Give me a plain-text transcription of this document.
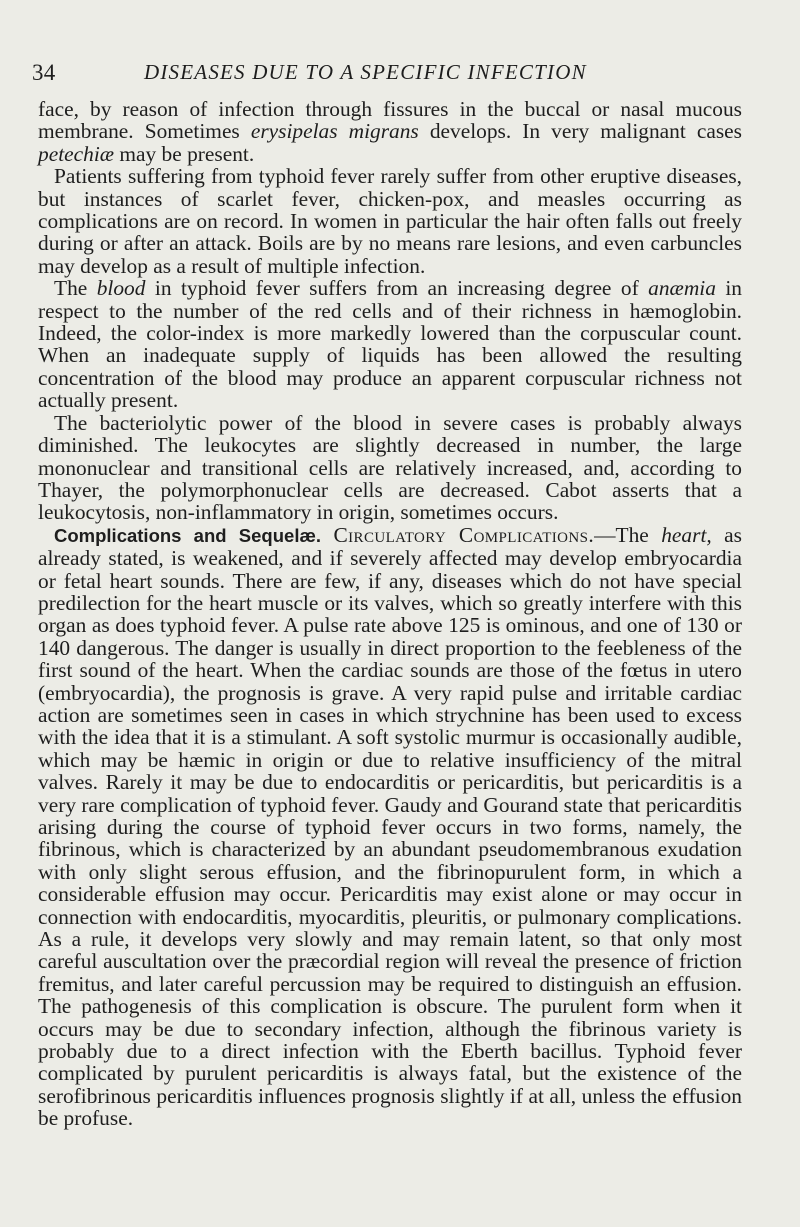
34	DISEASES DUE TO A SPECIFIC INFECTION

face, by reason of infection through fissures in the buccal or nasal mucous membrane. Sometimes erysipelas migrans develops. In very malignant cases petechiæ may be present.

Patients suffering from typhoid fever rarely suffer from other eruptive diseases, but instances of scarlet fever, chicken-pox, and measles occurring as complications are on record. In women in particular the hair often falls out freely during or after an attack. Boils are by no means rare lesions, and even carbuncles may develop as a result of multiple infection.

The blood in typhoid fever suffers from an increasing degree of anæmia in respect to the number of the red cells and of their richness in hæmoglobin. Indeed, the color-index is more markedly lowered than the corpuscular count. When an inadequate supply of liquids has been allowed the resulting concentration of the blood may produce an apparent corpuscular richness not actually present.

The bacteriolytic power of the blood in severe cases is probably always diminished. The leukocytes are slightly decreased in number, the large mononuclear and transitional cells are relatively increased, and, according to Thayer, the polymorphonuclear cells are decreased. Cabot asserts that a leukocytosis, non-inflammatory in origin, sometimes occurs.

Complications and Sequelæ. Circulatory Complications.—The heart, as already stated, is weakened, and if severely affected may develop embryocardia or fetal heart sounds. There are few, if any, diseases which do not have special predilection for the heart muscle or its valves, which so greatly interfere with this organ as does typhoid fever. A pulse rate above 125 is ominous, and one of 130 or 140 dangerous. The danger is usually in direct proportion to the feebleness of the first sound of the heart. When the cardiac sounds are those of the fœtus in utero (embryocardia), the prognosis is grave. A very rapid pulse and irritable cardiac action are sometimes seen in cases in which strychnine has been used to excess with the idea that it is a stimulant. A soft systolic murmur is occasionally audible, which may be hæmic in origin or due to relative insufficiency of the mitral valves. Rarely it may be due to endocarditis or pericarditis, but pericarditis is a very rare complication of typhoid fever. Gaudy and Gourand state that pericarditis arising during the course of typhoid fever occurs in two forms, namely, the fibrinous, which is characterized by an abundant pseudomembranous exudation with only slight serous effusion, and the fibrinopurulent form, in which a considerable effusion may occur. Pericarditis may exist alone or may occur in connection with endocarditis, myocarditis, pleuritis, or pulmonary complications. As a rule, it develops very slowly and may remain latent, so that only most careful auscultation over the præcordial region will reveal the presence of friction fremitus, and later careful percussion may be required to distinguish an effusion. The pathogenesis of this complication is obscure. The purulent form when it occurs may be due to secondary infection, although the fibrinous variety is probably due to a direct infection with the Eberth bacillus. Typhoid fever complicated by purulent pericarditis is always fatal, but the existence of the serofibrinous pericarditis influences prognosis slightly if at all, unless the effusion be profuse.
